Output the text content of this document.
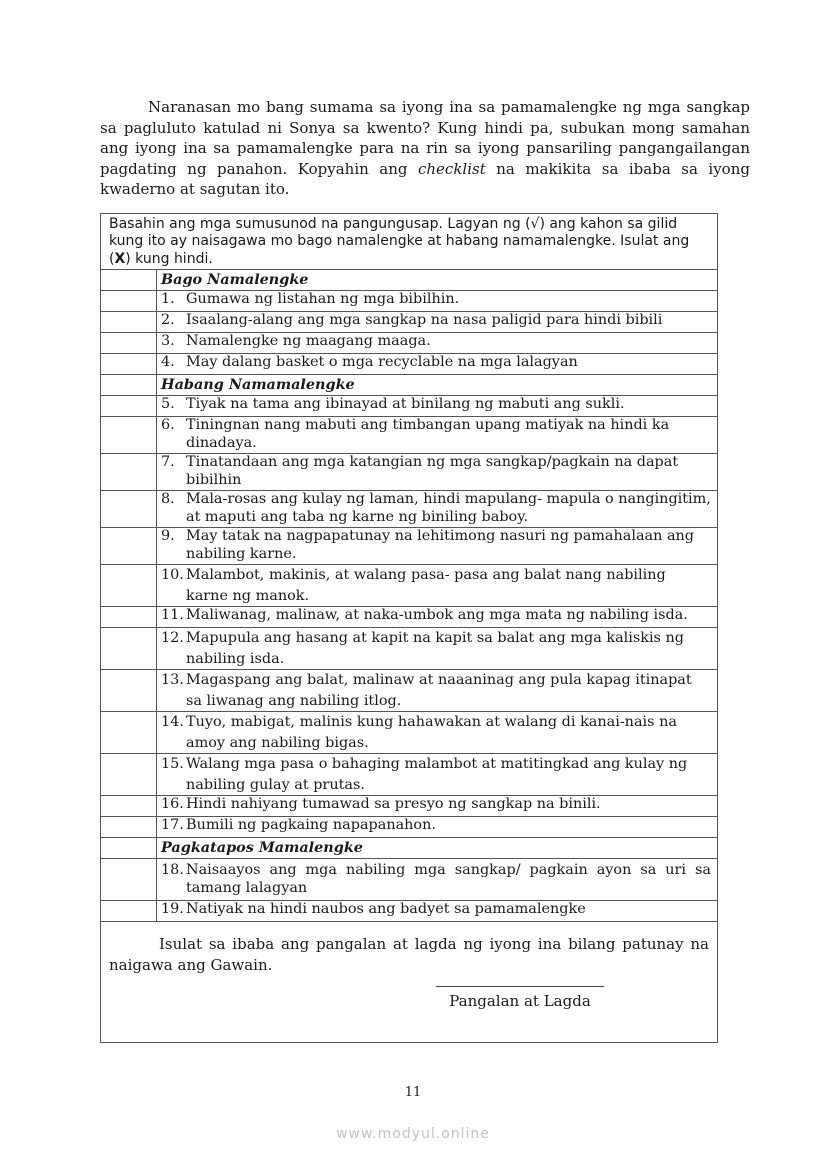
Naranasan mo bang sumama sa iyong ina sa pamamalengke ng mga sangkap sa pagluluto katulad ni Sonya sa kwento? Kung hindi pa, subukan mong samahan ang iyong ina sa pamamalengke para na rin sa iyong pansariling pangangailangan pagdating ng panahon. Kopyahin ang checklist na makikita sa ibaba sa iyong kwaderno at sagutan ito.
Basahin ang mga sumusunod na pangungusap. Lagyan ng (√) ang kahon sa gilid kung ito ay naisagawa mo bago namalengke at habang namamalengke. Isulat ang (X) kung hindi.
Bago Namalengke
1. Gumawa ng listahan ng mga bibilhin.
2. Isaalang-alang ang mga sangkap na nasa paligid para hindi bibili
3. Namalengke ng maagang maaga.
4. May dalang basket o mga recyclable na mga lalagyan
Habang Namamalengke
5. Tiyak na tama ang ibinayad at binilang ng mabuti ang sukli.
6. Tiningnan nang mabuti ang timbangan upang matiyak na hindi ka dinadaya.
7. Tinatandaan ang mga katangian ng mga sangkap/pagkain na dapat bibilhin
8. Mala-rosas ang kulay ng laman, hindi mapulang- mapula o nangingitim, at maputi ang taba ng karne ng biniling baboy.
9. May tatak na nagpapatunay na lehitimong nasuri ng pamahalaan ang nabiling karne.
10. Malambot, makinis, at walang pasa- pasa ang balat nang nabiling karne ng manok.
11. Maliwanag, malinaw, at naka-umbok ang mga mata ng nabiling isda.
12. Mapupula ang hasang at kapit na kapit sa balat ang mga kaliskis ng nabiling isda.
13. Magaspang ang balat, malinaw at naaaninag ang pula kapag itinapat sa liwanag ang nabiling itlog.
14. Tuyo, mabigat, malinis kung hahawakan at walang di kanai-nais na amoy ang nabiling bigas.
15. Walang mga pasa o bahaging malambot at matitingkad ang kulay ng nabiling gulay at prutas.
16. Hindi nahiyang tumawad sa presyo ng sangkap na binili.
17. Bumili ng pagkaing napapanahon.
Pagkatapos Mamalengke
18. Naisaayos ang mga nabiling mga sangkap/ pagkain ayon sa uri sa tamang lalagyan
19. Natiyak na hindi naubos ang badyet sa pamamalengke

Isulat sa ibaba ang pangalan at lagda ng iyong ina bilang patunay na naigawa ang Gawain.

Pangalan at Lagda
11
www.modyul.online
